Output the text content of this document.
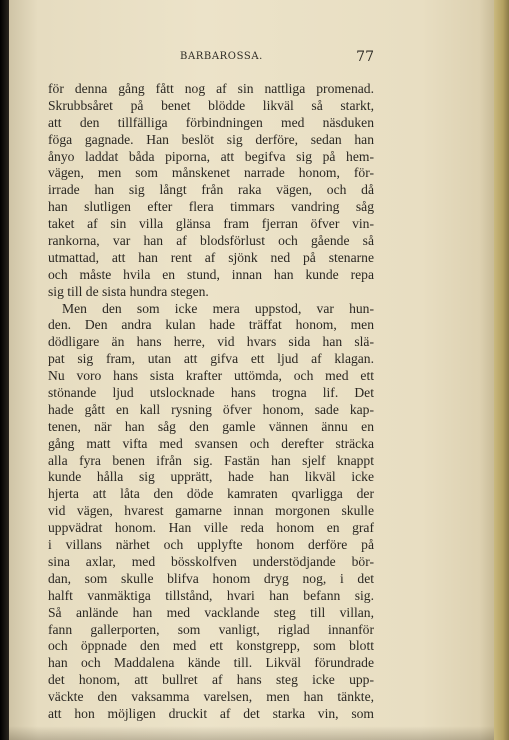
BARBAROSSA.	77
för denna gång fått nog af sin nattliga promenad.
Skrubbsåret på benet blödde likväl så starkt,
att den tillfälliga förbindningen med näsduken
föga gagnade. Han beslöt sig derföre, sedan han
ånyo laddat båda piporna, att begifva sig på hem-
vägen, men som månskenet narrade honom, för-
irrade han sig långt från raka vägen, och då
han slutligen efter flera timmars vandring såg
taket af sin villa glänsa fram fjerran öfver vin-
rankorna, var han af blodsförlust och gående så
utmattad, att han rent af sjönk ned på stenarne
och måste hvila en stund, innan han kunde repa
sig till de sista hundra stegen.
Men den som icke mera uppstod, var hun-
den. Den andra kulan hade träffat honom, men
dödligare än hans herre, vid hvars sida han slä-
pat sig fram, utan att gifva ett ljud af klagan.
Nu voro hans sista krafter uttömda, och med ett
stönande ljud utslocknade hans trogna lif. Det
hade gått en kall rysning öfver honom, sade kap-
tenen, när han såg den gamle vännen ännu en
gång matt vifta med svansen och derefter sträcka
alla fyra benen ifrån sig. Fastän han sjelf knappt
kunde hålla sig upprätt, hade han likväl icke
hjerta att låta den döde kamraten qvarligga der
vid vägen, hvarest gamarne innan morgonen skulle
uppvädrat honom. Han ville reda honom en graf
i villans närhet och upplyfte honom derföre på
sina axlar, med bösskolfven understödjande bör-
dan, som skulle blifva honom dryg nog, i det
halft vanmäktiga tillstånd, hvari han befann sig.
Så anlände han med vacklande steg till villan,
fann gallerporten, som vanligt, riglad innanför
och öppnade den med ett konstgrepp, som blott
han och Maddalena kände till. Likväl förundrade
det honom, att bullret af hans steg icke upp-
väckte den vaksamma varelsen, men han tänkte,
att hon möjligen druckit af det starka vin, som
